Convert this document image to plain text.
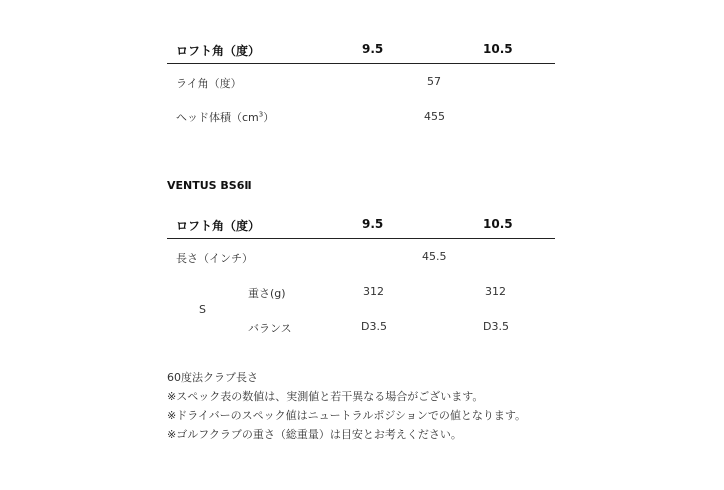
ロフト角（度）	9.5	10.5
ライ角（度）	57
ヘッド体積$(cm^3)$	455
VENTUS BS6Ⅱ
ロフト角（度）	9.5	10.5
長さ（インチ）	45.5
S
重さ(g)	312	312
バランス	D3.5	D3.5
60度法クラブ長さ
※スペック表の数値は、実測値と若干異なる場合がございます。
※ドライバーのスペック値はニュートラルポジションでの値となります。
※ゴルフクラブの重さ（総重量）は目安とお考えください。
